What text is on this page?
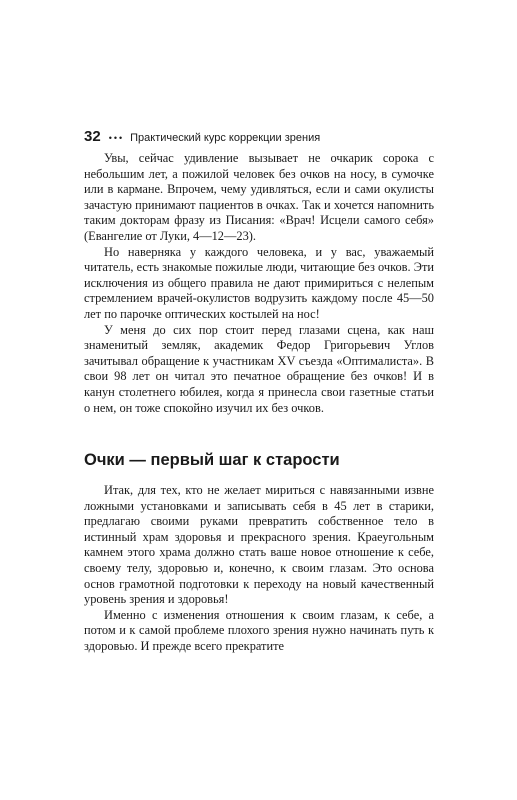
32 ••• Практический курс коррекции зрения

Увы, сейчас удивление вызывает не очкарик сорока с небольшим лет, а пожилой человек без очков на носу, в сумочке или в кармане. Впрочем, чему удивляться, если и сами окулисты зачастую принимают пациентов в очках. Так и хочется напомнить таким докторам фразу из Писания: «Врач! Исцели самого себя» (Евангелие от Луки, 4—12—23).

Но наверняка у каждого человека, и у вас, уважаемый читатель, есть знакомые пожилые люди, читающие без очков. Эти исключения из общего правила не дают примириться с нелепым стремлением врачей-окулистов водрузить каждому после 45—50 лет по парочке оптических костылей на нос!

У меня до сих пор стоит перед глазами сцена, как наш знаменитый земляк, академик Федор Григорьевич Углов зачитывал обращение к участникам XV съезда «Оптималиста». В свои 98 лет он читал это печатное обращение без очков! И в канун столетнего юбилея, когда я принесла свои газетные статьи о нем, он тоже спокойно изучил их без очков.

Очки — первый шаг к старости

Итак, для тех, кто не желает мириться с навязанными извне ложными установками и записывать себя в 45 лет в старики, предлагаю своими руками превратить собственное тело в истинный храм здоровья и прекрасного зрения. Краеугольным камнем этого храма должно стать ваше новое отношение к себе, своему телу, здоровью и, конечно, к своим глазам. Это основа основ грамотной подготовки к переходу на новый качественный уровень зрения и здоровья!

Именно с изменения отношения к своим глазам, к себе, а потом и к самой проблеме плохого зрения нужно начинать путь к здоровью. И прежде всего прекратите
